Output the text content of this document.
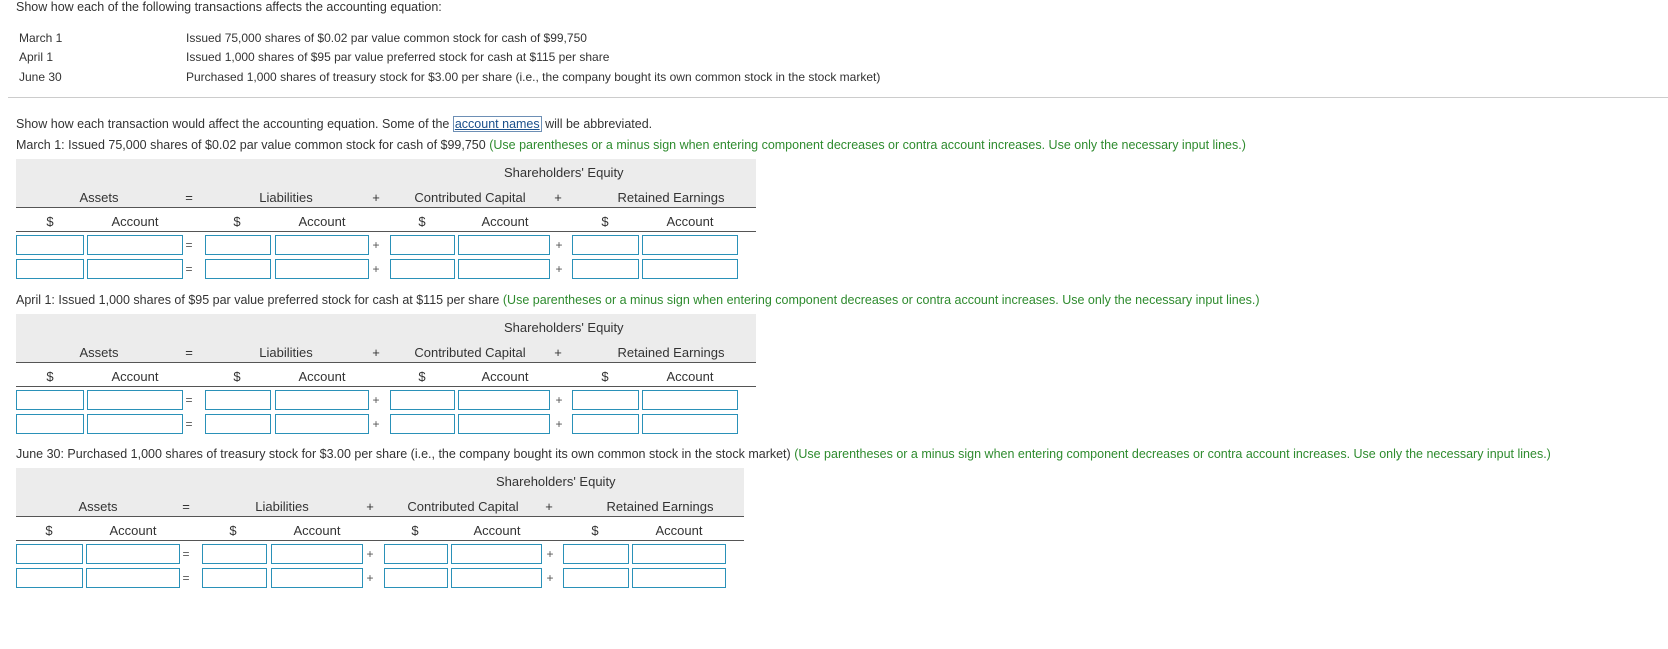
Show how each of the following transactions affects the accounting equation:
March 1	Issued 75,000 shares of $0.02 par value common stock for cash of $99,750
April 1	Issued 1,000 shares of $95 par value preferred stock for cash at $115 per share
June 30	Purchased 1,000 shares of treasury stock for $3.00 per share (i.e., the company bought its own common stock in the stock market)
Show how each transaction would affect the accounting equation. Some of the account names will be abbreviated.
March 1: Issued 75,000 shares of $0.02 par value common stock for cash of $99,750 (Use parentheses or a minus sign when entering component decreases or contra account increases. Use only the necessary input lines.)
Shareholders' Equity
Assets	=	Liabilities	+	Contributed Capital	+	Retained Earnings
$	Account	$	Account	$	Account	$	Account
=	+	+
=	+	+
April 1: Issued 1,000 shares of $95 par value preferred stock for cash at $115 per share (Use parentheses or a minus sign when entering component decreases or contra account increases. Use only the necessary input lines.)
Shareholders' Equity
Assets	=	Liabilities	+	Contributed Capital	+	Retained Earnings
$	Account	$	Account	$	Account	$	Account
=	+	+
=	+	+
June 30: Purchased 1,000 shares of treasury stock for $3.00 per share (i.e., the company bought its own common stock in the stock market) (Use parentheses or a minus sign when entering component decreases or contra account increases. Use only the necessary input lines.)
Shareholders' Equity
Assets	=	Liabilities	+	Contributed Capital	+	Retained Earnings
$	Account	$	Account	$	Account	$	Account
=	+	+
=	+	+
